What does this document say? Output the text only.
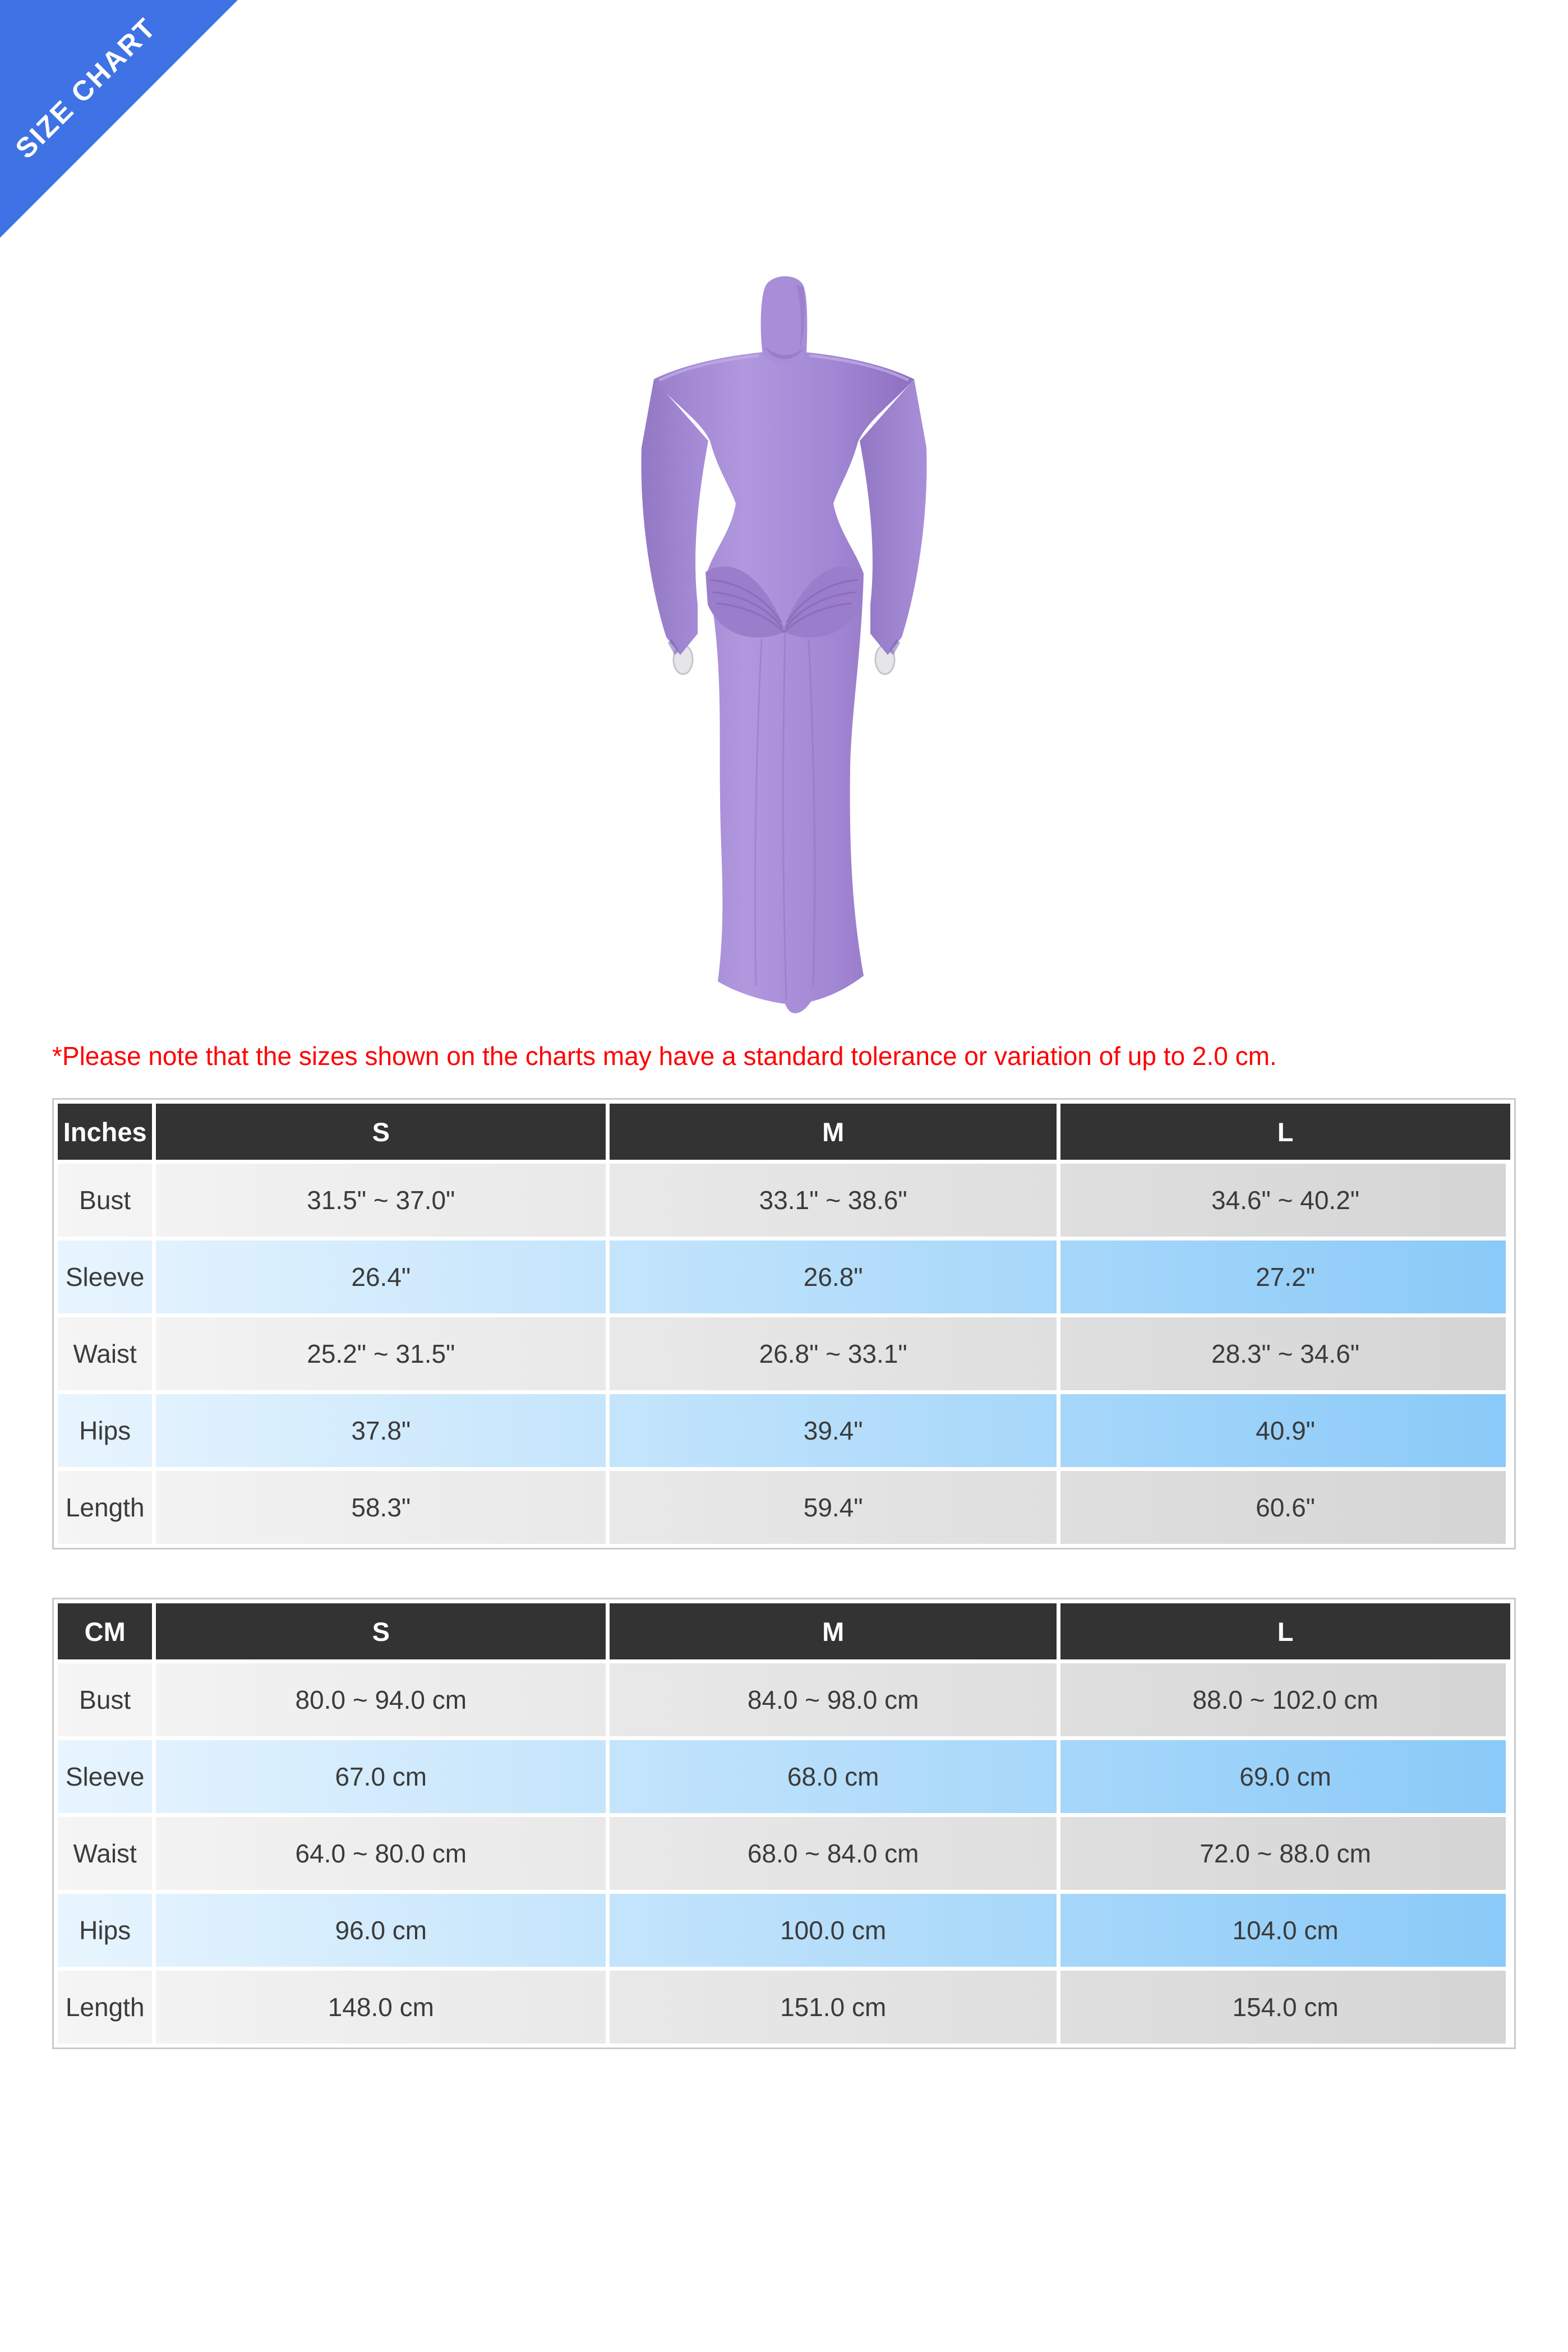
SIZE CHART

*Please note that the sizes shown on the charts may have a standard tolerance or variation of up to 2.0 cm.

Inches	S	M	L
Bust	31.5" ~ 37.0"	33.1" ~ 38.6"	34.6" ~ 40.2"
Sleeve	26.4"	26.8"	27.2"
Waist	25.2" ~ 31.5"	26.8" ~ 33.1"	28.3" ~ 34.6"
Hips	37.8"	39.4"	40.9"
Length	58.3"	59.4"	60.6"
CM	S	M	L
Bust	80.0 ~ 94.0 cm	84.0 ~ 98.0 cm	88.0 ~ 102.0 cm
Sleeve	67.0 cm	68.0 cm	69.0 cm
Waist	64.0 ~ 80.0 cm	68.0 ~ 84.0 cm	72.0 ~ 88.0 cm
Hips	96.0 cm	100.0 cm	104.0 cm
Length	148.0 cm	151.0 cm	154.0 cm
